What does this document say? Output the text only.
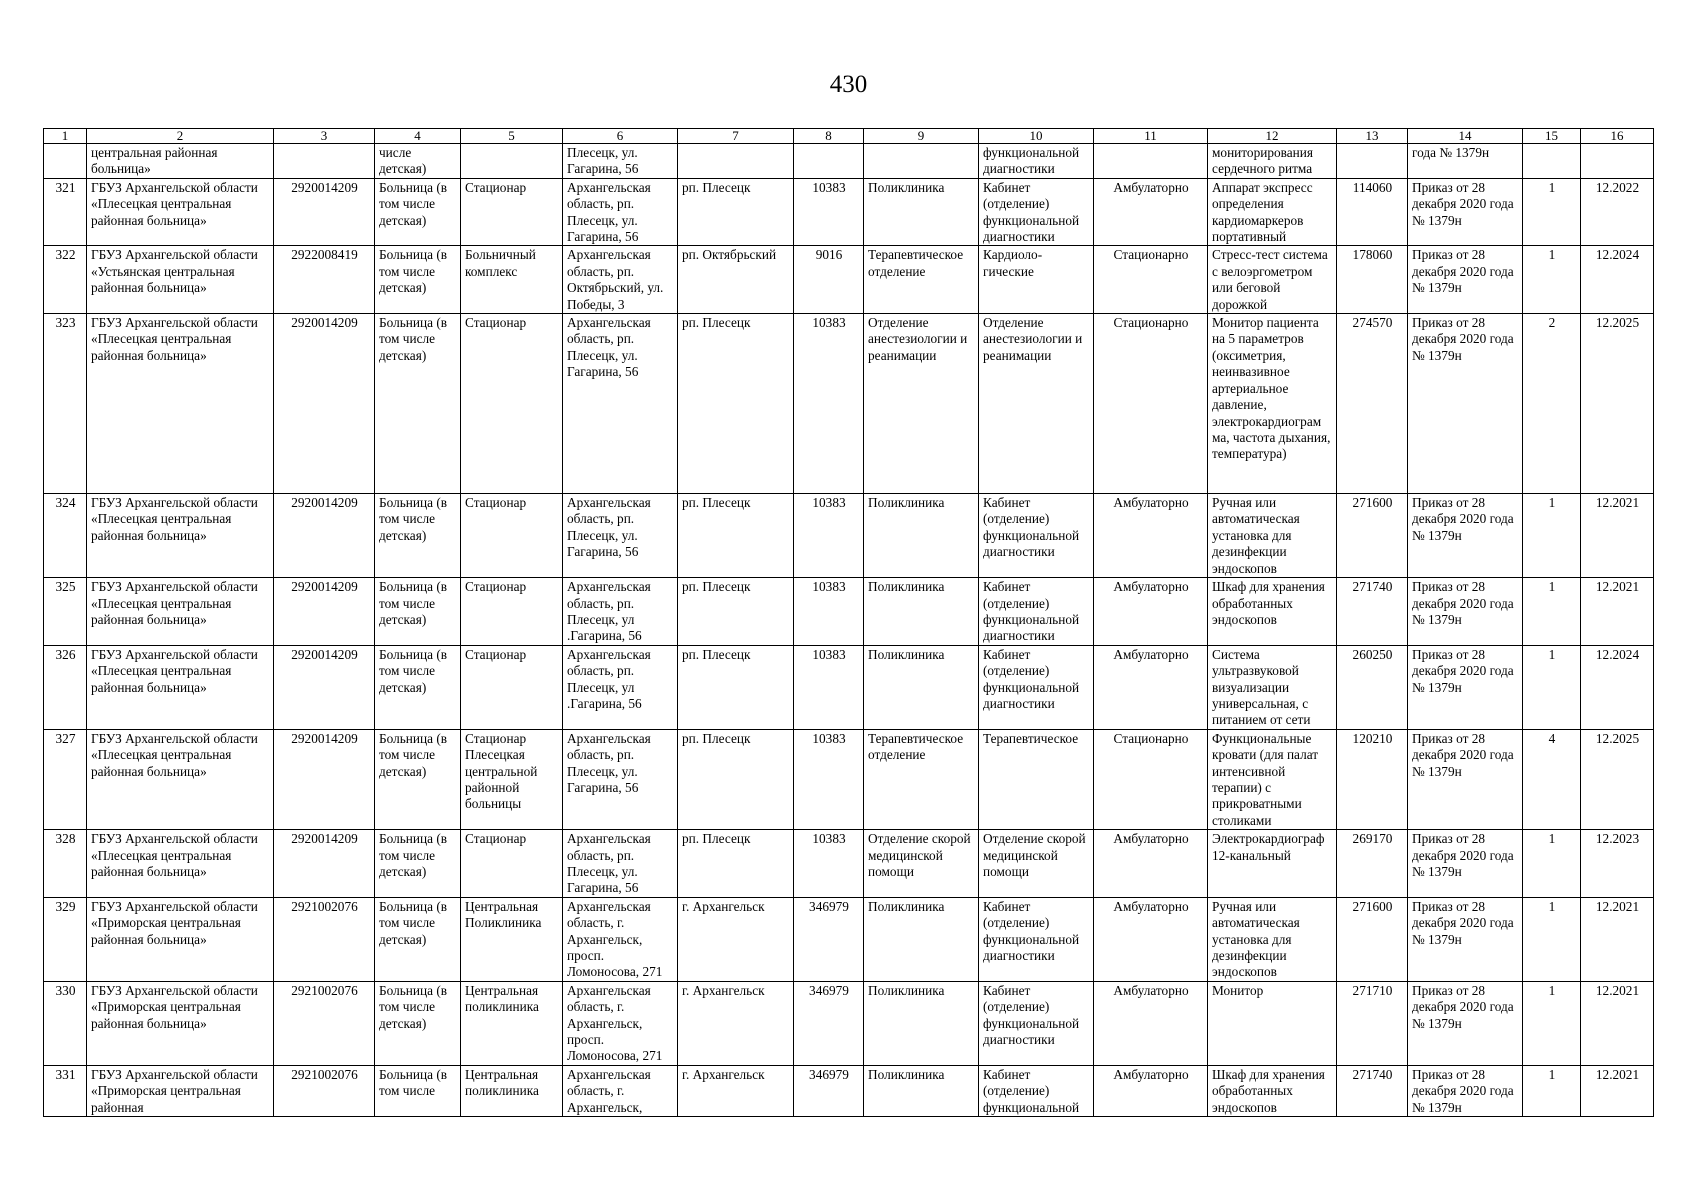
430
1	2	3	4	5	6	7	8	9	10	11	12	13	14	15	16
	центральная районная больница»		числе детская)		Плесецк, ул. Гагарина, 56				функциональной диагностики		мониторирования сердечного ритма		года № 1379н		
321	ГБУЗ Архангельской области «Плесецкая центральная районная больница»	2920014209	Больница (в том числе детская)	Стационар	Архангельская область, рп. Плесецк, ул. Гагарина, 56	рп. Плесецк	10383	Поликлиника	Кабинет (отделение) функциональной диагностики	Амбулаторно	Аппарат экспресс определения кардиомаркеров портативный	114060	Приказ от 28 декабря 2020 года № 1379н	1	12.2022
322	ГБУЗ Архангельской области «Устьянская центральная районная больница»	2922008419	Больница (в том числе детская)	Больничный комплекс	Архангельская область, рп. Октябрьский, ул. Победы, 3	рп. Октябрьский	9016	Терапевтическое отделение	Кардиоло-гические	Стационарно	Стресс-тест система с велоэргометром или беговой дорожкой	178060	Приказ от 28 декабря 2020 года № 1379н	1	12.2024
323	ГБУЗ Архангельской области «Плесецкая центральная районная больница»	2920014209	Больница (в том числе детская)	Стационар	Архангельская область, рп. Плесецк, ул. Гагарина, 56	рп. Плесецк	10383	Отделение анестезиологии и реанимации	Отделение анестезиологии и реанимации	Стационарно	Монитор пациента на 5 параметров (оксиметрия, неинвазивное артериальное давление, электрокардиограм ма, частота дыхания, температура)	274570	Приказ от 28 декабря 2020 года № 1379н	2	12.2025
324	ГБУЗ Архангельской области «Плесецкая центральная районная больница»	2920014209	Больница (в том числе детская)	Стационар	Архангельская область, рп. Плесецк, ул. Гагарина, 56	рп. Плесецк	10383	Поликлиника	Кабинет (отделение) функциональной диагностики	Амбулаторно	Ручная или автоматическая установка для дезинфекции эндоскопов	271600	Приказ от 28 декабря 2020 года № 1379н	1	12.2021
325	ГБУЗ Архангельской области «Плесецкая центральная районная больница»	2920014209	Больница (в том числе детская)	Стационар	Архангельская область, рп. Плесецк, ул .Гагарина, 56	рп. Плесецк	10383	Поликлиника	Кабинет (отделение) функциональной диагностики	Амбулаторно	Шкаф для хранения обработанных эндоскопов	271740	Приказ от 28 декабря 2020 года № 1379н	1	12.2021
326	ГБУЗ Архангельской области «Плесецкая центральная районная больница»	2920014209	Больница (в том числе детская)	Стационар	Архангельская область, рп. Плесецк, ул .Гагарина, 56	рп. Плесецк	10383	Поликлиника	Кабинет (отделение) функциональной диагностики	Амбулаторно	Система ультразвуковой визуализации универсальная, с питанием от сети	260250	Приказ от 28 декабря 2020 года № 1379н	1	12.2024
327	ГБУЗ Архангельской области «Плесецкая центральная районная больница»	2920014209	Больница (в том числе детская)	Стационар Плесецкая центральной районной больницы	Архангельская область, рп. Плесецк, ул. Гагарина, 56	рп. Плесецк	10383	Терапевтическое отделение	Терапевтическое	Стационарно	Функциональные кровати (для палат интенсивной терапии) с прикроватными столиками	120210	Приказ от 28 декабря 2020 года № 1379н	4	12.2025
328	ГБУЗ Архангельской области «Плесецкая центральная районная больница»	2920014209	Больница (в том числе детская)	Стационар	Архангельская область, рп. Плесецк, ул. Гагарина, 56	рп. Плесецк	10383	Отделение скорой медицинской помощи	Отделение скорой медицинской помощи	Амбулаторно	Электрокардиограф 12-канальный	269170	Приказ от 28 декабря 2020 года № 1379н	1	12.2023
329	ГБУЗ Архангельской области «Приморская центральная районная больница»	2921002076	Больница (в том числе детская)	Центральная Поликлиника	Архангельская область, г. Архангельск, просп. Ломоносова, 271	г. Архангельск	346979	Поликлиника	Кабинет (отделение) функциональной диагностики	Амбулаторно	Ручная или автоматическая установка для дезинфекции эндоскопов	271600	Приказ от 28 декабря 2020 года № 1379н	1	12.2021
330	ГБУЗ Архангельской области «Приморская центральная районная больница»	2921002076	Больница (в том числе детская)	Центральная поликлиника	Архангельская область, г. Архангельск, просп. Ломоносова, 271	г. Архангельск	346979	Поликлиника	Кабинет (отделение) функциональной диагностики	Амбулаторно	Монитор	271710	Приказ от 28 декабря 2020 года № 1379н	1	12.2021
331	ГБУЗ Архангельской области «Приморская центральная районная	2921002076	Больница (в том числе	Центральная поликлиника	Архангельская область, г. Архангельск,	г. Архангельск	346979	Поликлиника	Кабинет (отделение) функциональной	Амбулаторно	Шкаф для хранения обработанных эндоскопов	271740	Приказ от 28 декабря 2020 года № 1379н	1	12.2021
